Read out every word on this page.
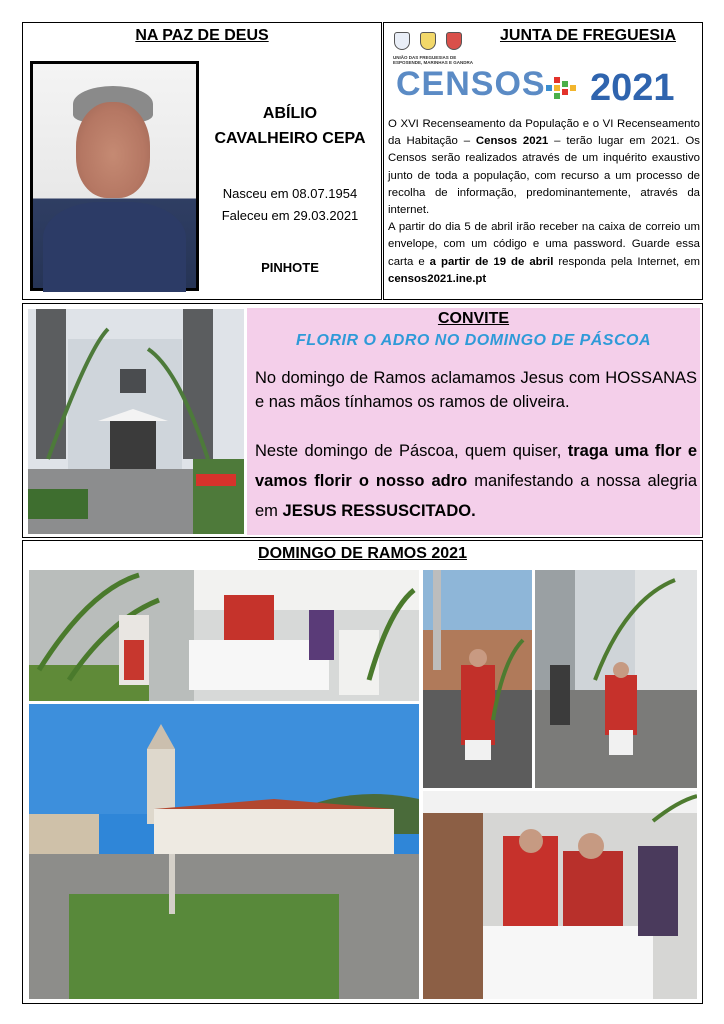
NA PAZ DE DEUS
ABÍLIO
CAVALHEIRO CEPA
Nasceu em 08.07.1954
Faleceu em 29.03.2021
PINHOTE
JUNTA DE FREGUESIA
UNIÃO DAS FREGUESIAS DE
ESPOSENDE, MARINHAS E GANDRA
CENSOS 2021

O XVI Recenseamento da População e o VI Recenseamento da Habitação – Censos 2021 – terão lugar em 2021. Os Censos serão realizados através de um inquérito exaustivo junto de toda a população, com recurso a um processo de recolha de informação, predominantemente, através da internet.

A partir do dia 5 de abril irão receber na caixa de correio um envelope, com um código e uma password. Guarde essa carta e a partir de 19 de abril responda pela Internet, em censos2021.ine.pt

CONVITE
FLORIR O ADRO NO DOMINGO DE PÁSCOA
No domingo de Ramos aclamamos Jesus com HOSSANAS e nas mãos tínhamos os ramos de oliveira.
Neste domingo de Páscoa, quem quiser, traga uma flor e vamos florir o nosso adro manifestando a nossa alegria em JESUS RESSUSCITADO.
DOMINGO DE RAMOS 2021
